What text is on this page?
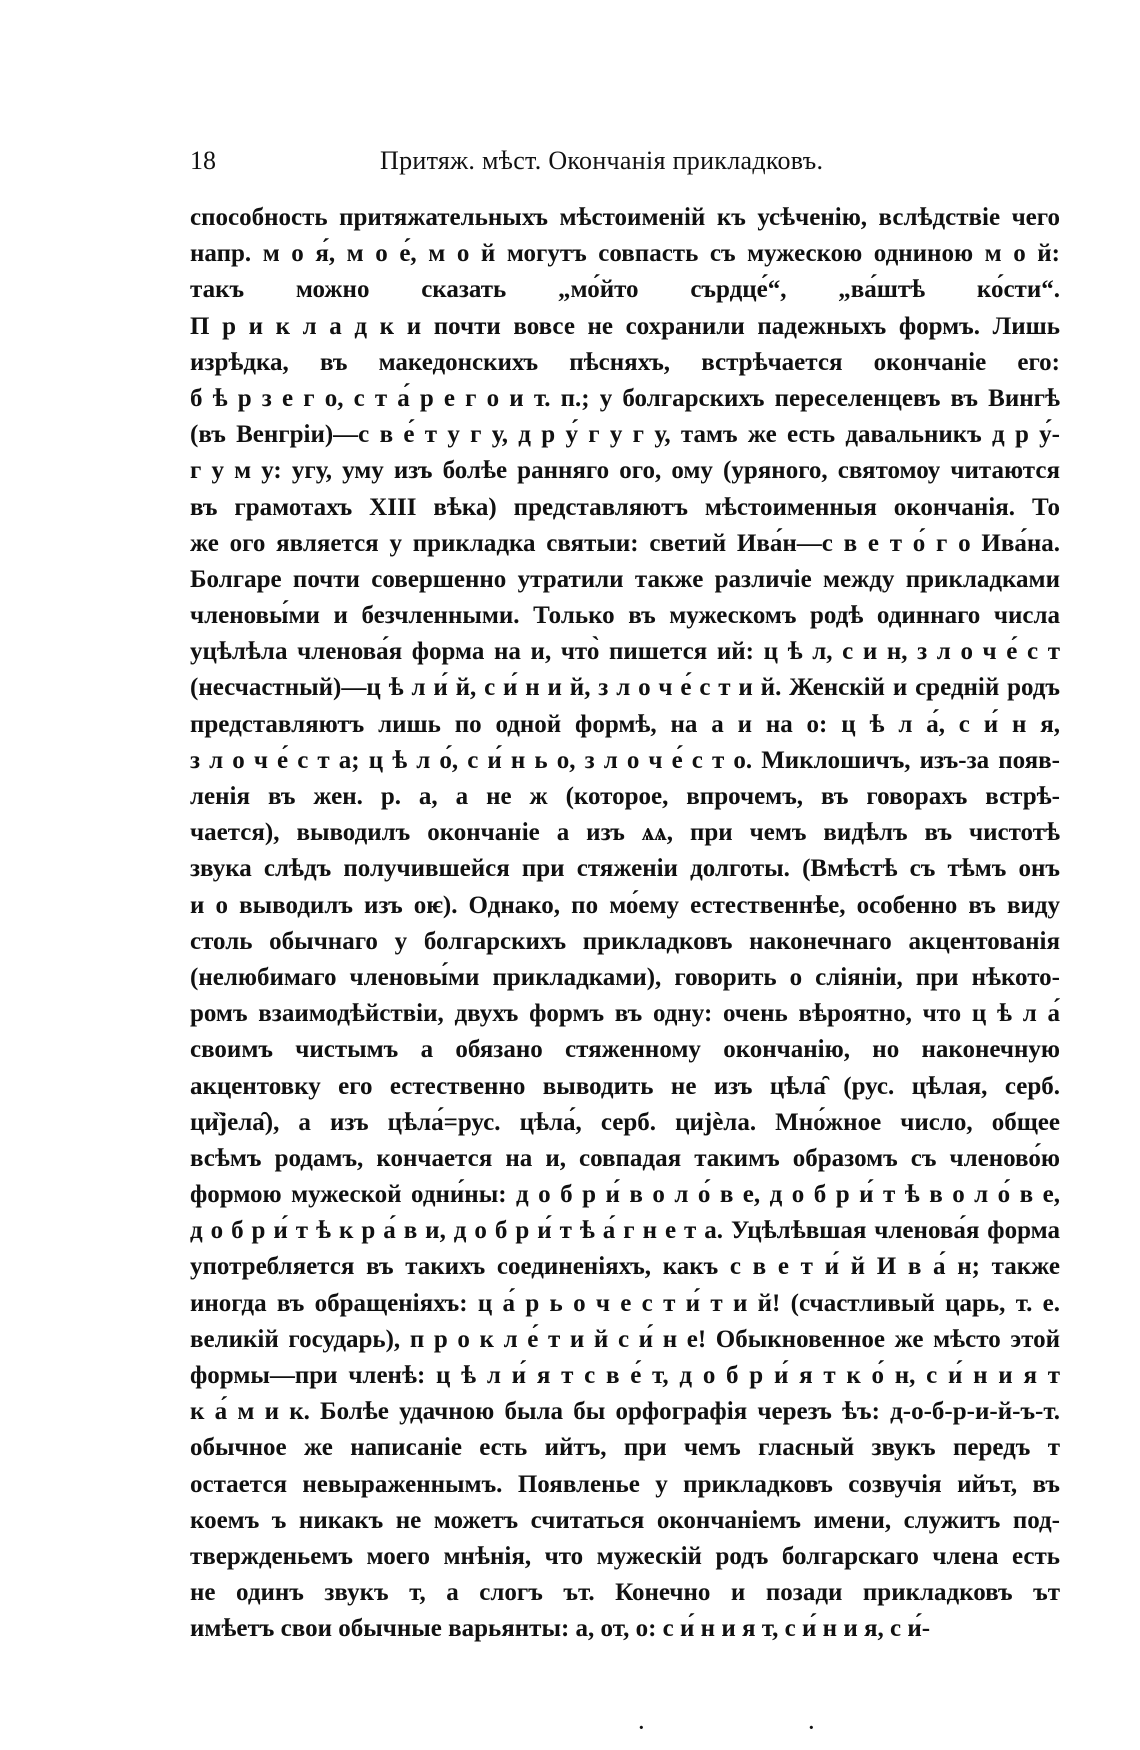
18	Притяж. мѣст. Окончанія прикладковъ.
способность притяжательныхъ мѣстоименій къ усѣченію, вслѣдствіе чего
напр. м о я́, м о е́, м о й могутъ совпасть съ мужескою одниною м о й:
такъ можно сказать „мо́йто сърдце́“, „ва́штѣ ко́сти“.
П р и к л а д к и почти вовсе не сохранили падежныхъ формъ. Лишь
изрѣдка, въ македонскихъ пѣсняхъ, встрѣчается окончаніе его:
б ѣ р з е г о, с т а́ р е г о и т. п.; у болгарскихъ переселенцевъ въ Вингѣ
(въ Венгріи)—с в е́ т у г у, д р у́ г у г у, тамъ же есть давальникъ д р у́-
г у м у: угу, уму изъ болѣе ранняго ого, ому (уряного, святомоу читаются
въ грамотахъ XIII вѣка) представляютъ мѣстоименныя окончанія. То
же ого является у прикладка святыи: светий Ива́н—с в е т о́ г о Ива́на.
Болгаре почти совершенно утратили также различіе между прикладками
членовы́ми и безчленными. Только въ мужескомъ родѣ одиннаго числа
уцѣлѣла членова́я форма на и, что̀ пишется ий: ц ѣ л, с и н, з л о ч е́ с т
(несчастный)—ц ѣ л и́ й, с и́ н и й, з л о ч е́ с т и й. Женскій и средній родъ
представляютъ лишь по одной формѣ, на а и на о: ц ѣ л а́, с и́ н я,
з л о ч е́ с т а; ц ѣ л о́, с и́ н ь о, з л о ч е́ с т о. Миклошичъ, изъ-за появ-
ленія въ жен. р. а, а не ж (которое, впрочемъ, въ говорахъ встрѣ-
чается), выводилъ окончаніе а изъ ѧѧ, при чемъ видѣлъ въ чистотѣ
звука слѣдъ получившейся при стяженіи долготы. (Вмѣстѣ съ тѣмъ онъ
и о выводилъ изъ оѥ). Однако, по мо́ему естественнѣе, особенно въ виду
столь обычнаго у болгарскихъ прикладковъ наконечнаго акцентованія
(нелюбимаго членовы́ми прикладками), говорить о сліяніи, при нѣкото-
ромъ взаимодѣйствіи, двухъ формъ въ одну: очень вѣроятно, что ц ѣ л а́
своимъ чистымъ а обязано стяженному окончанію, но наконечную
акцентовку его естественно выводить не изъ цѣла̑ (рус. цѣлая, серб.
ци̏јела̑), а изъ цѣла́=рус. цѣла́, серб. цијѐла. Мно́жное число, общее
всѣмъ родамъ, кончается на и, совпадая такимъ образомъ съ членово́ю
формою мужеской одни́ны: д о б р и́ в о л о́ в е, д о б р и́ т ѣ в о л о́ в е,
д о б р и́ т ѣ к р а́ в и, д о б р и́ т ѣ а́ г н е т а. Уцѣлѣвшая членова́я форма
употребляется въ такихъ соединеніяхъ, какъ с в е т и́ й И в а́ н; также
иногда въ обращеніяхъ: ц а́ р ь о ч е с т и́ т и й! (счастливый царь, т. е.
великій государь), п р о к л е́ т и й с и́ н е! Обыкновенное же мѣсто этой
формы—при членѣ: ц ѣ л и́ я т с в е́ т, д о б р и́ я т к о́ н, с и́ н и я т
к а́ м и к. Болѣе удачною была бы орфографія черезъ ѣъ: д-о-б-р-и-й-ъ-т.
обычное же написаніе есть ийтъ, при чемъ гласный звукъ передъ т
остается невыраженнымъ. Появленье у прикладковъ созвучія ийът, въ
коемъ ъ никакъ не можетъ считаться окончаніемъ имени, служитъ под-
твержденьемъ моего мнѣнія, что мужескій родъ болгарскаго члена есть
не одинъ звукъ т, а слогъ ът. Конечно и позади прикладковъ ът
имѣетъ свои обычные варьянты: а, от, о: с и́ н и я т, с и́ н и я, с и́-
·	·
